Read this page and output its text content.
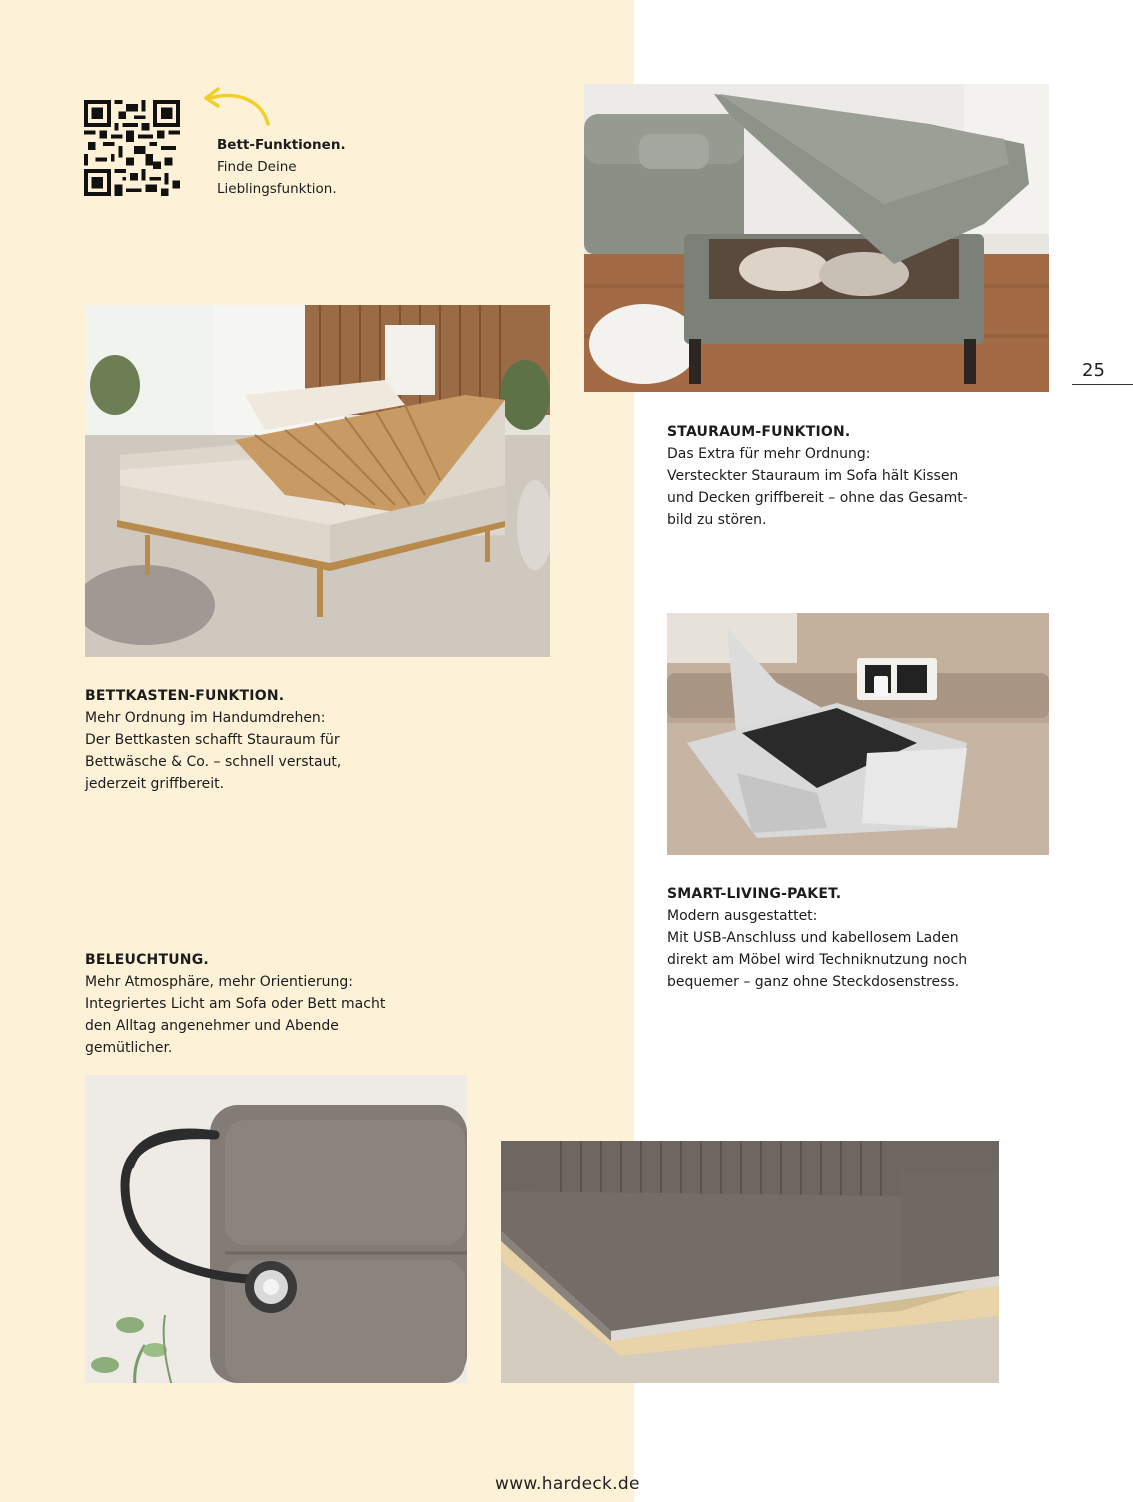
Bett-Funktionen.
Finde Deine
Lieblingsfunktion.
25
STAURAUM-FUNKTION.
Das Extra für mehr Ordnung:
Versteckter Stauraum im Sofa hält Kissen
und Decken griffbereit – ohne das Gesamt-
bild zu stören.
BETTKASTEN-FUNKTION.
Mehr Ordnung im Handumdrehen:
Der Bettkasten schafft Stauraum für
Bettwäsche & Co. – schnell verstaut,
jederzeit griffbereit.
SMART-LIVING-PAKET.
Modern ausgestattet:
Mit USB-Anschluss und kabellosem Laden
direkt am Möbel wird Techniknutzung noch
bequemer – ganz ohne Steckdosenstress.
BELEUCHTUNG.
Mehr Atmosphäre, mehr Orientierung:
Integriertes Licht am Sofa oder Bett macht
den Alltag angenehmer und Abende
gemütlicher.
www.hardeck.de
